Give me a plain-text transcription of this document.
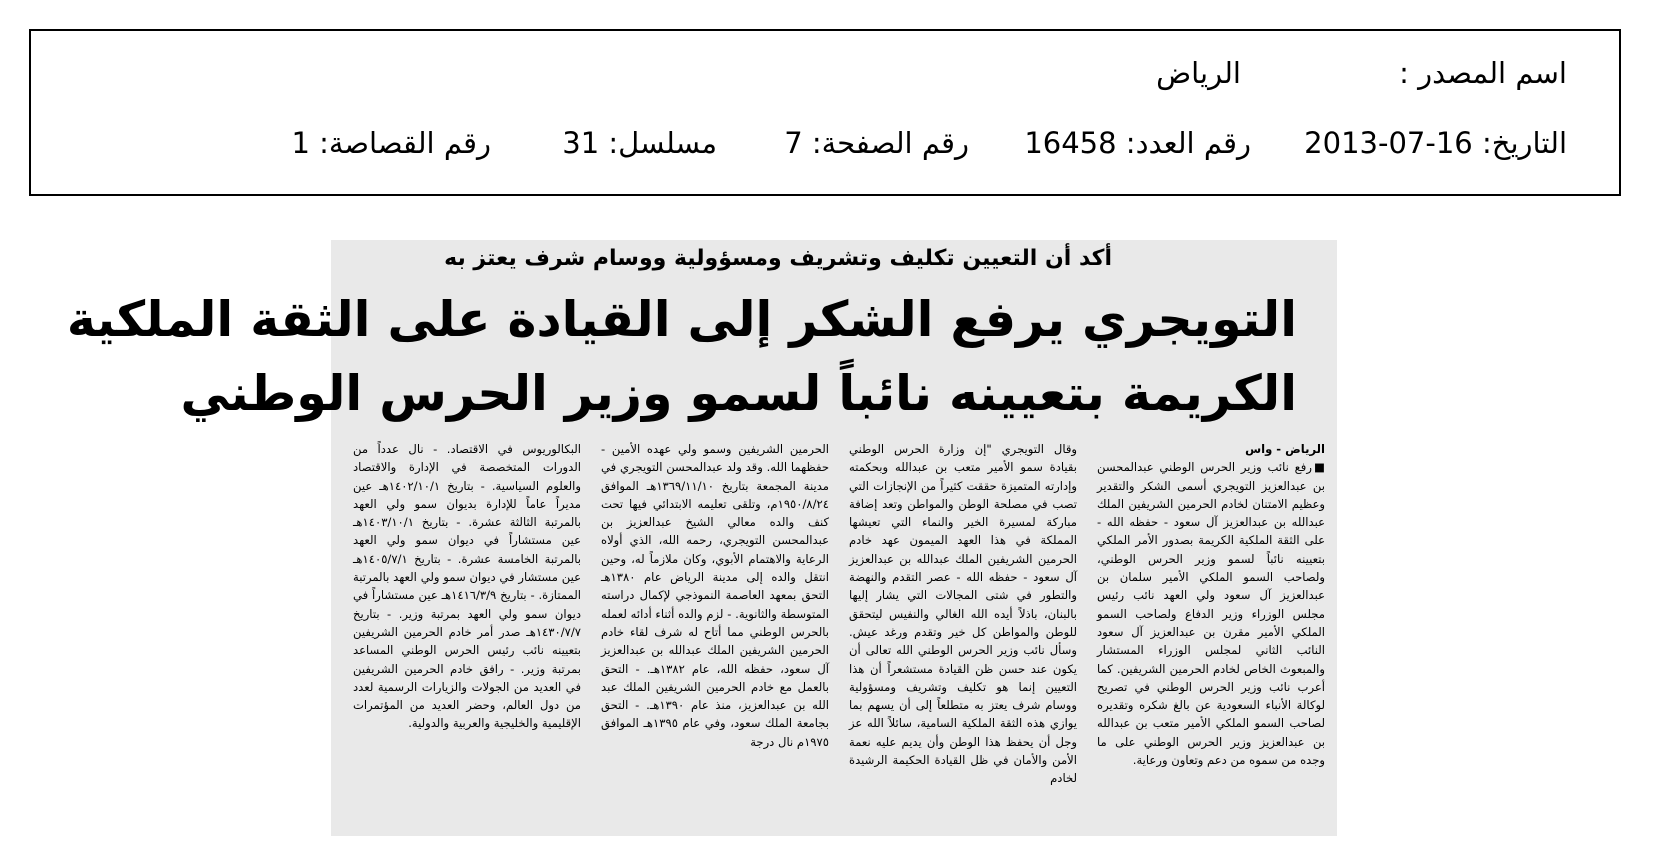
اسم المصدر :
الرياض
التاريخ: 16-07-2013
رقم العدد: 16458
رقم الصفحة: 7
مسلسل: 31
رقم القصاصة: 1
أكد أن التعيين تكليف وتشريف ومسؤولية ووسام شرف يعتز به
التويجري يرفع الشكر إلى القيادة على الثقة الملكية
الكريمة بتعيينه نائباً لسمو وزير الحرس الوطني

الرياض - واس

■رفع نائب وزير الحرس الوطني عبدالمحسن بن عبدالعزيز التويجري أسمى الشكر والتقدير وعظيم الامتنان لخادم الحرمين الشريفين الملك عبدالله بن عبدالعزيز آل سعود - حفظه الله - على الثقة الملكية الكريمة بصدور الأمر الملكي بتعيينه نائباً لسمو وزير الحرس الوطني، ولصاحب السمو الملكي الأمير سلمان بن عبدالعزيز آل سعود ولي العهد نائب رئيس مجلس الوزراء وزير الدفاع ولصاحب السمو الملكي الأمير مقرن بن عبدالعزيز آل سعود النائب الثاني لمجلس الوزراء المستشار والمبعوث الخاص لخادم الحرمين الشريفين. كما أعرب نائب وزير الحرس الوطني في تصريح لوكالة الأنباء السعودية عن بالغ شكره وتقديره لصاحب السمو الملكي الأمير متعب بن عبدالله بن عبدالعزيز وزير الحرس الوطني على ما وجده من سموه من دعم وتعاون ورعاية.

وقال التويجري "إن وزارة الحرس الوطني بقيادة سمو الأمير متعب بن عبدالله وبحكمته وإدارته المتميزة حققت كثيراً من الإنجازات التي تصب في مصلحة الوطن والمواطن وتعد إضافة مباركة لمسيرة الخير والنماء التي تعيشها المملكة في هذا العهد الميمون عهد خادم الحرمين الشريفين الملك عبدالله بن عبدالعزيز آل سعود - حفظه الله - عصر التقدم والنهضة والتطور في شتى المجالات التي يشار إليها بالبنان، باذلاً أيده الله الغالي والنفيس ليتحقق للوطن والمواطن كل خير وتقدم ورغد عيش. وسأل نائب وزير الحرس الوطني الله تعالى أن يكون عند حسن ظن القيادة مستشعراً أن هذا التعيين إنما هو تكليف وتشريف ومسؤولية ووسام شرف يعتز به متطلعاً إلى أن يسهم بما يوازي هذه الثقة الملكية السامية، سائلاً الله عز وجل أن يحفظ هذا الوطن وأن يديم عليه نعمة الأمن والأمان في ظل القيادة الحكيمة الرشيدة لخادم

الحرمين الشريفين وسمو ولي عهده الأمين - حفظهما الله. وقد ولد عبدالمحسن التويجري في مدينة المجمعة بتاريخ ١٣٦٩/١١/١٠هـ الموافق ١٩٥٠/٨/٢٤م، وتلقى تعليمه الابتدائي فيها تحت كنف والده معالي الشيخ عبدالعزيز بن عبدالمحسن التويجري، رحمه الله، الذي أولاه الرعاية والاهتمام الأبوي، وكان ملازماً له، وحين انتقل والده إلى مدينة الرياض عام ١٣٨٠هـ التحق بمعهد العاصمة النموذجي لإكمال دراسته المتوسطة والثانوية. - لزم والده أثناء أدائه لعمله بالحرس الوطني مما أتاح له شرف لقاء خادم الحرمين الشريفين الملك عبدالله بن عبدالعزيز آل سعود، حفظه الله، عام ١٣٨٢هـ. - التحق بالعمل مع خادم الحرمين الشريفين الملك عبد الله بن عبدالعزيز، منذ عام ١٣٩٠هـ. - التحق بجامعة الملك سعود، وفي عام ١٣٩٥هـ الموافق ١٩٧٥م نال درجة

البكالوريوس في الاقتصاد. - نال عدداً من الدورات المتخصصة في الإدارة والاقتصاد والعلوم السياسية. - بتاريخ ١٤٠٢/١٠/١هـ عين مديراً عاماً للإدارة بديوان سمو ولي العهد بالمرتبة الثالثة عشرة. - بتاريخ ١٤٠٣/١٠/١هـ عين مستشاراً في ديوان سمو ولي العهد بالمرتبة الخامسة عشرة. - بتاريخ ١٤٠٥/٧/١هـ عين مستشار في ديوان سمو ولي العهد بالمرتبة الممتازة. - بتاريخ ١٤١٦/٣/٩هـ عين مستشاراً في ديوان سمو ولي العهد بمرتبة وزير. - بتاريخ ١٤٣٠/٧/٧هـ صدر أمر خادم الحرمين الشريفين بتعيينه نائب رئيس الحرس الوطني المساعد بمرتبة وزير. - رافق خادم الحرمين الشريفين في العديد من الجولات والزيارات الرسمية لعدد من دول العالم، وحضر العديد من المؤتمرات الإقليمية والخليجية والعربية والدولية.
